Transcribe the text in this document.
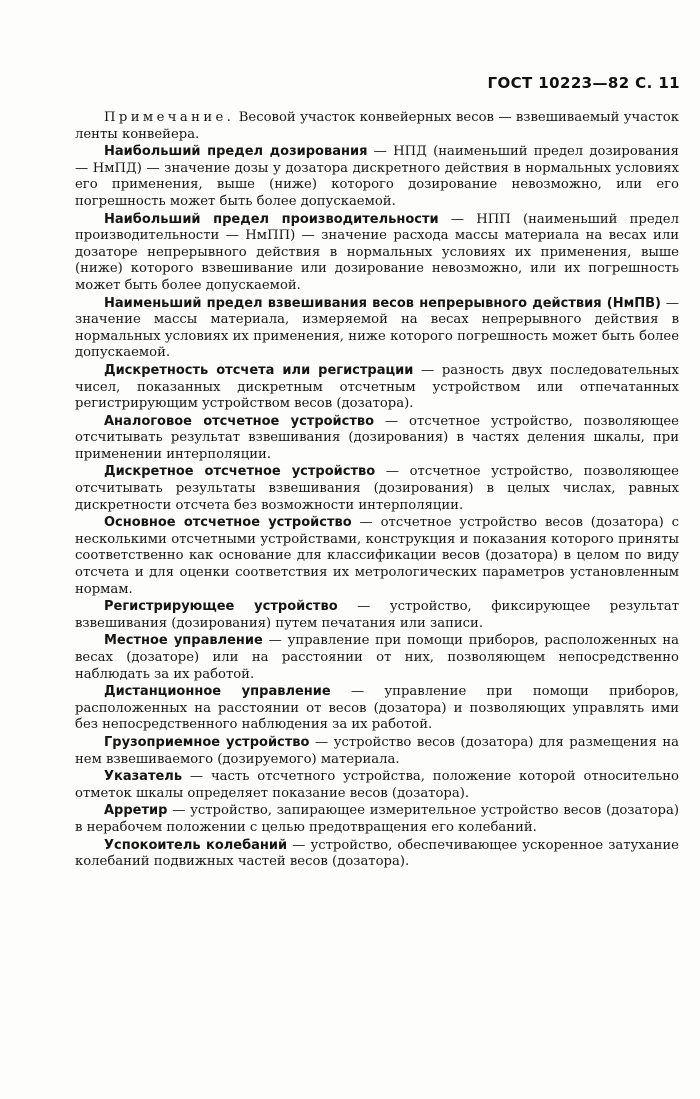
ГОСТ 10223—82 С. 11

Примечание. Весовой участок конвейерных весов — взвешиваемый участок ленты конвейера.

Наибольший предел дозирования — НПД (наименьший предел дозирования — НмПД) — значение дозы у дозатора дискретного действия в нормальных условиях его применения, выше (ниже) которого дозирование невозможно, или его погрешность может быть более допускаемой.

Наибольший предел производительности — НПП (наименьший предел производительности — НмПП) — значение расхода массы материала на весах или дозаторе непрерывного действия в нормальных условиях их применения, выше (ниже) которого взвешивание или дозирование невозможно, или их погрешность может быть более допускаемой.

Наименьший предел взвешивания весов непрерывного действия (НмПВ) — значение массы материала, измеряемой на весах непрерывного действия в нормальных условиях их применения, ниже которого погрешность может быть более допускаемой.

Дискретность отсчета или регистрации — разность двух последовательных чисел, показанных дискретным отсчетным устройством или отпечатанных регистрирующим устройством весов (дозатора).

Аналоговое отсчетное устройство — отсчетное устройство, позволяющее отсчитывать результат взвешивания (дозирования) в частях деления шкалы, при применении интерполяции.

Дискретное отсчетное устройство — отсчетное устройство, позволяющее отсчитывать результаты взвешивания (дозирования) в целых числах, равных дискретности отсчета без возможности интерполяции.

Основное отсчетное устройство — отсчетное устройство весов (дозатора) с несколькими отсчетными устройствами, конструкция и показания которого приняты соответственно как основание для классификации весов (дозатора) в целом по виду отсчета и для оценки соответствия их метрологических параметров установленным нормам.

Регистрирующее устройство — устройство, фиксирующее результат взвешивания (дозирования) путем печатания или записи.

Местное управление — управление при помощи приборов, расположенных на весах (дозаторе) или на расстоянии от них, позволяющем непосредственно наблюдать за их работой.

Дистанционное управление — управление при помощи приборов, расположенных на расстоянии от весов (дозатора) и позволяющих управлять ими без непосредственного наблюдения за их работой.

Грузоприемное устройство — устройство весов (дозатора) для размещения на нем взвешиваемого (дозируемого) материала.

Указатель — часть отсчетного устройства, положение которой относительно отметок шкалы определяет показание весов (дозатора).

Арретир — устройство, запирающее измерительное устройство весов (дозатора) в нерабочем положении с целью предотвращения его колебаний.

Успокоитель колебаний — устройство, обеспечивающее ускоренное затухание колебаний подвижных частей весов (дозатора).
